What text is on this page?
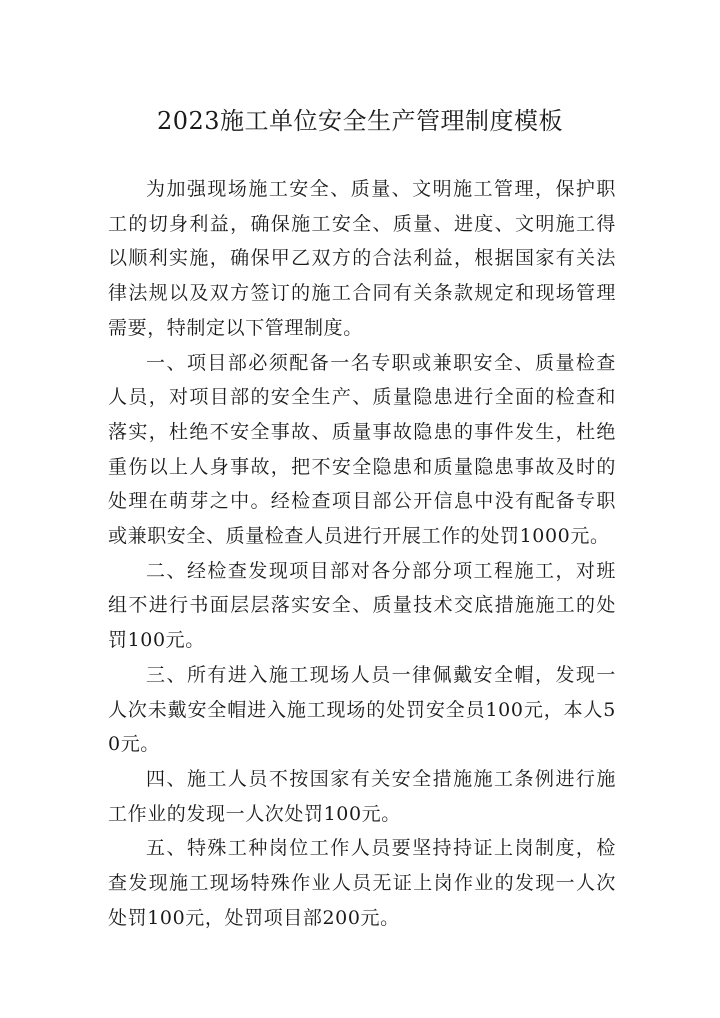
2023施工单位安全生产管理制度模板

为加强现场施工安全、质量、文明施工管理，保护职工的切身利益，确保施工安全、质量、进度、文明施工得以顺利实施，确保甲乙双方的合法利益，根据国家有关法律法规以及双方签订的施工合同有关条款规定和现场管理需要，特制定以下管理制度。

一、项目部必须配备一名专职或兼职安全、质量检查人员，对项目部的安全生产、质量隐患进行全面的检查和落实，杜绝不安全事故、质量事故隐患的事件发生，杜绝重伤以上人身事故，把不安全隐患和质量隐患事故及时的处理在萌芽之中。经检查项目部公开信息中没有配备专职或兼职安全、质量检查人员进行开展工作的处罚1000元。

二、经检查发现项目部对各分部分项工程施工，对班组不进行书面层层落实安全、质量技术交底措施施工的处罚100元。

三、所有进入施工现场人员一律佩戴安全帽，发现一人次未戴安全帽进入施工现场的处罚安全员100元，本人50元。

四、施工人员不按国家有关安全措施施工条例进行施工作业的发现一人次处罚100元。

五、特殊工种岗位工作人员要坚持持证上岗制度，检查发现施工现场特殊作业人员无证上岗作业的发现一人次处罚100元，处罚项目部200元。
